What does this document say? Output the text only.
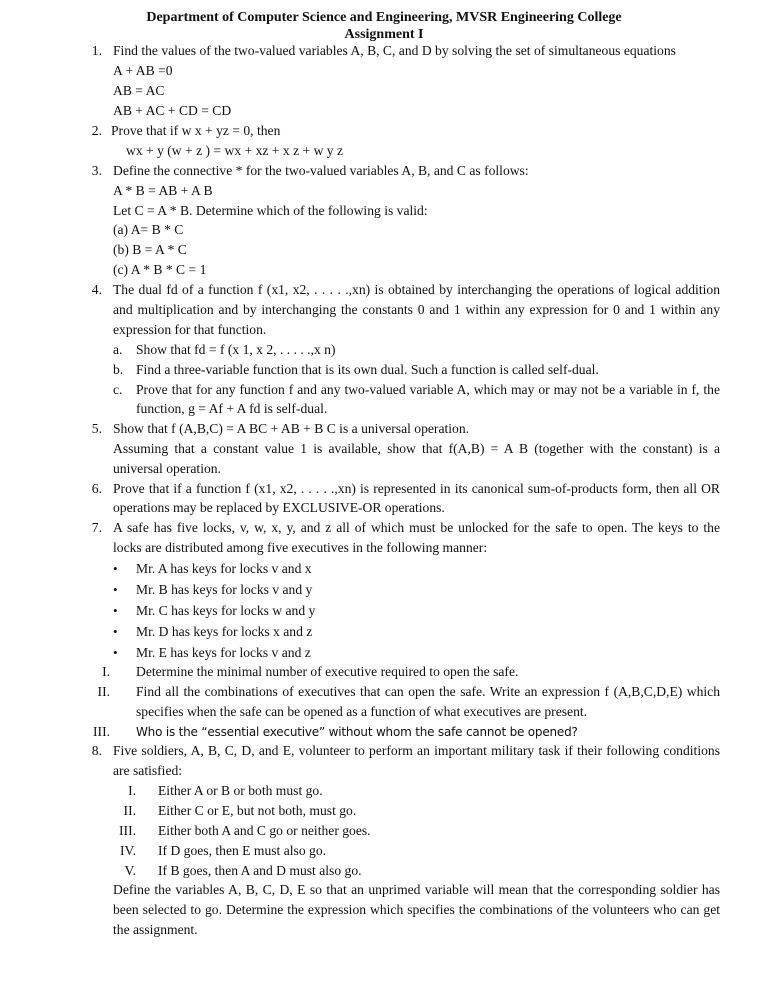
Department of Computer Science and Engineering, MVSR Engineering College
Assignment I
1. Find the values of the two-valued variables A, B, C, and D by solving the set of simultaneous equations
A + AB =0
AB = AC
AB + AC + CD = CD
2. Prove that if w x + yz = 0, then
wx + y (w + z ) = wx + xz + x z + w y z
3. Define the connective * for the two-valued variables A, B, and C as follows:
A * B = AB + A B
Let C = A * B. Determine which of the following is valid:
(a) A= B * C
(b) B = A * C
(c) A * B * C = 1
4. The dual fd of a function f (x1, x2, . . . . .,xn) is obtained by interchanging the operations of logical addition
and multiplication and by interchanging the constants 0 and 1 within any expression for 0 and 1 within any
expression for that function.
a. Show that fd = f (x 1, x 2, . . . . .,x n)
b. Find a three-variable function that is its own dual. Such a function is called self-dual.
c. Prove that for any function f and any two-valued variable A, which may or may not be a variable in f, the
function, g = Af + A fd is self-dual.
5. Show that f (A,B,C) = A BC + AB + B C is a universal operation.
Assuming that a constant value 1 is available, show that f(A,B) = A B (together with the constant) is a
universal operation.
6. Prove that if a function f (x1, x2, . . . . .,xn) is represented in its canonical sum-of-products form, then all OR
operations may be replaced by EXCLUSIVE-OR operations.
7. A safe has five locks, v, w, x, y, and z all of which must be unlocked for the safe to open. The keys to the
locks are distributed among five executives in the following manner:
• Mr. A has keys for locks v and x
• Mr. B has keys for locks v and y
• Mr. C has keys for locks w and y
• Mr. D has keys for locks x and z
• Mr. E has keys for locks v and z
I. Determine the minimal number of executive required to open the safe.
II. Find all the combinations of executives that can open the safe. Write an expression f (A,B,C,D,E) which
specifies when the safe can be opened as a function of what executives are present.
III. Who is the “essential executive” without whom the safe cannot be opened?
8. Five soldiers, A, B, C, D, and E, volunteer to perform an important military task if their following conditions
are satisfied:
I. Either A or B or both must go.
II. Either C or E, but not both, must go.
III. Either both A and C go or neither goes.
IV. If D goes, then E must also go.
V. If B goes, then A and D must also go.
Define the variables A, B, C, D, E so that an unprimed variable will mean that the corresponding soldier has
been selected to go. Determine the expression which specifies the combinations of the volunteers who can get
the assignment.
